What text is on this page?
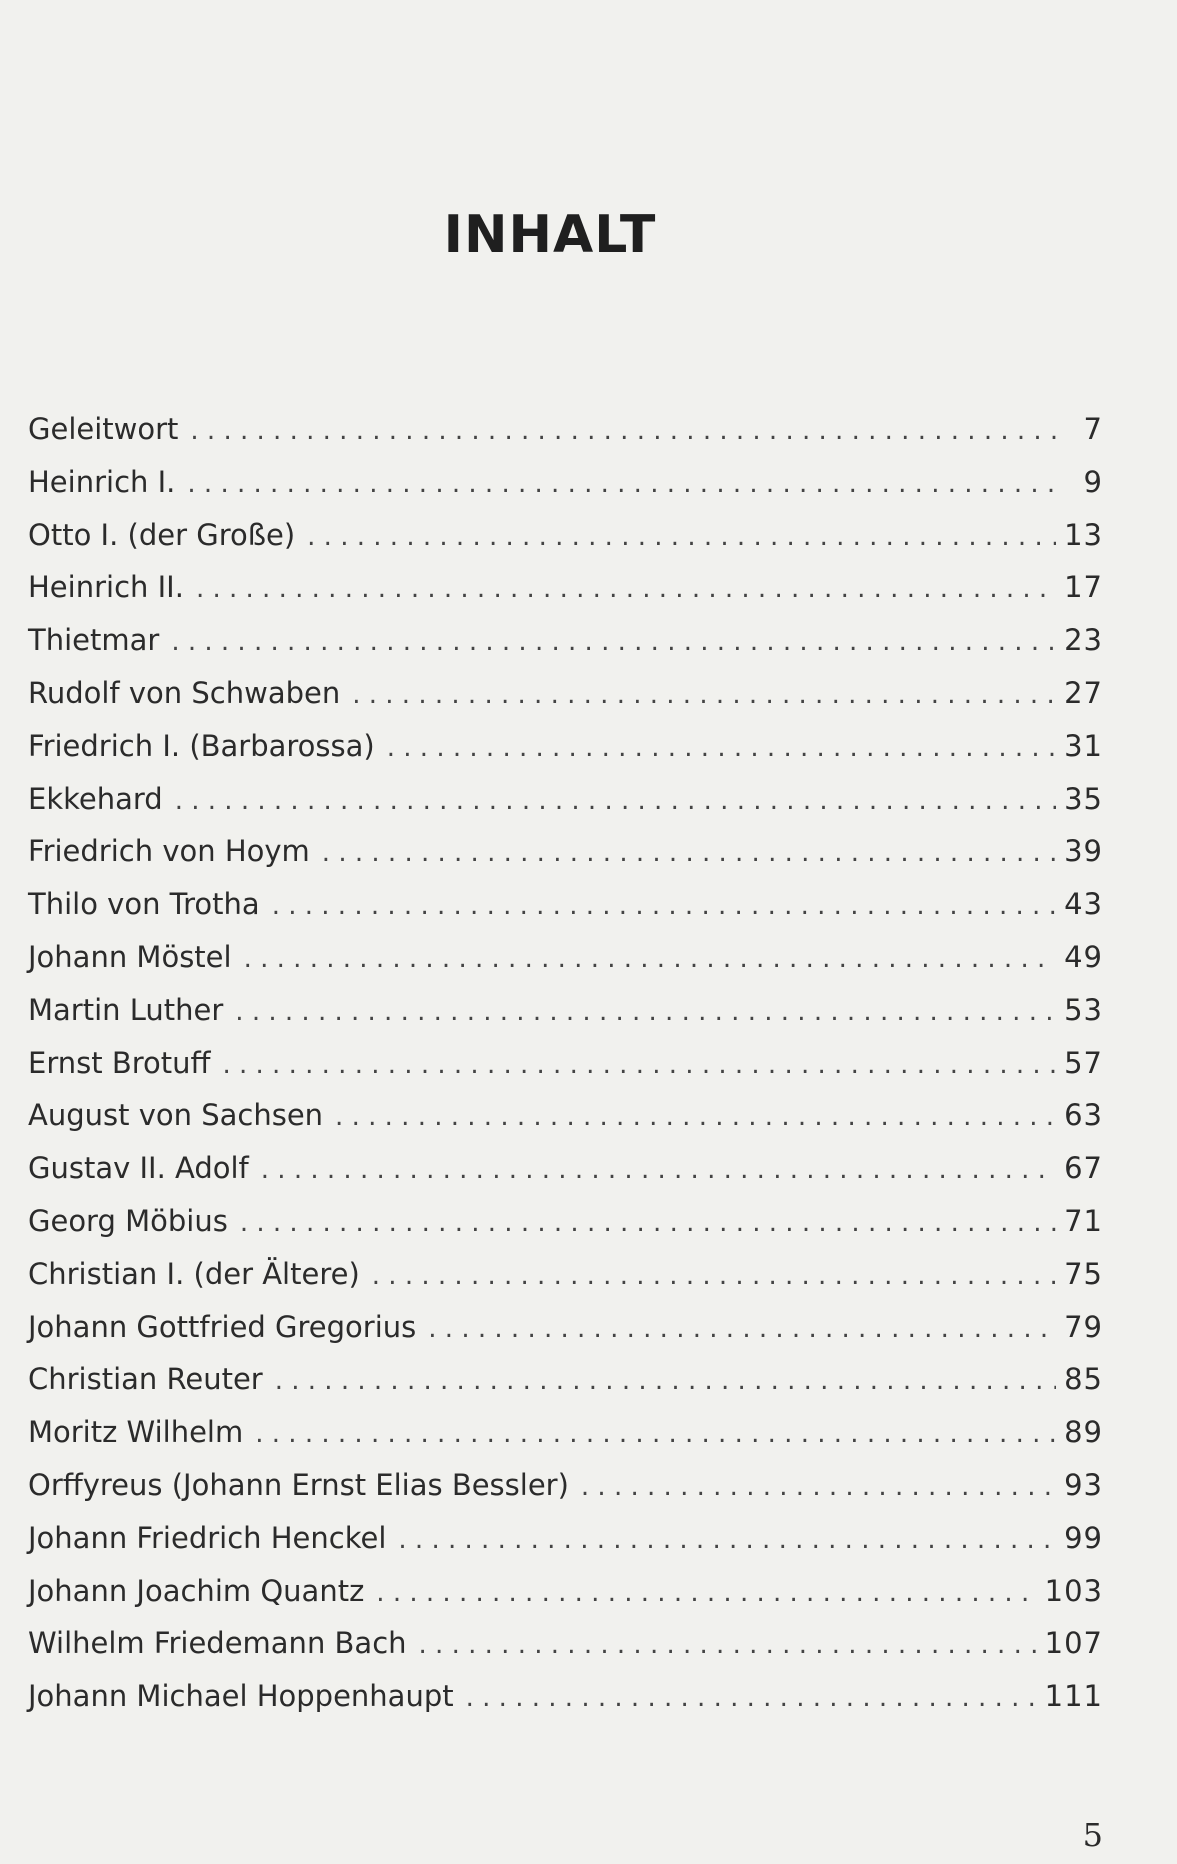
INHALT
Geleitwort . . .	7
Heinrich I. . . .	9
Otto I. (der Große) . . .	13
Heinrich II. . . .	17
Thietmar . . .	23
Rudolf von Schwaben . . .	27
Friedrich I. (Barbarossa) . . .	31
Ekkehard . . .	35
Friedrich von Hoym . . .	39
Thilo von Trotha . . .	43
Johann Möstel . . .	49
Martin Luther . . .	53
Ernst Brotuff . . .	57
August von Sachsen . . .	63
Gustav II. Adolf . . .	67
Georg Möbius . . .	71
Christian I. (der Ältere) . . .	75
Johann Gottfried Gregorius . . .	79
Christian Reuter . . .	85
Moritz Wilhelm . . .	89
Orffyreus (Johann Ernst Elias Bessler) . . .	93
Johann Friedrich Henckel . . .	99
Johann Joachim Quantz . . .	103
Wilhelm Friedemann Bach . . .	107
Johann Michael Hoppenhaupt . . .	111
5
